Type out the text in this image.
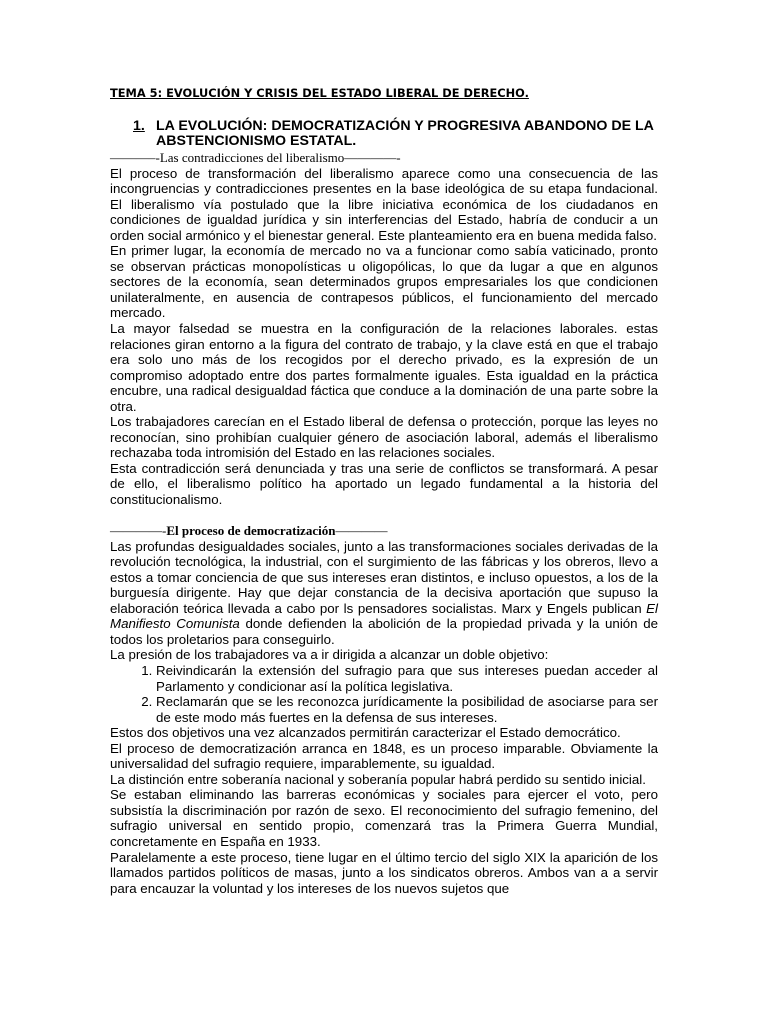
TEMA 5: EVOLUCIÓN Y CRISIS DEL ESTADO LIBERAL DE DERECHO.
1. LA EVOLUCIÓN: DEMOCRATIZACIÓN Y PROGRESIVA ABANDONO DE LA ABSTENCIONISMO ESTATAL.
———–-Las contradicciones del liberalismo————-

El proceso de transformación del liberalismo aparece como una consecuencia de las incongruencias y contradicciones presentes en la base ideológica de su etapa fundacional. El liberalismo vía postulado que la libre iniciativa económica de los ciudadanos en condiciones de igualdad jurídica y sin interferencias del Estado, habría de conducir a un orden social armónico y el bienestar general. Este planteamiento era en buena medida falso.

En primer lugar, la economía de mercado no va a funcionar como sabía vaticinado, pronto se observan prácticas monopolísticas u oligopólicas, lo que da lugar a que en algunos sectores de la economía, sean determinados grupos empresariales los que condicionen unilateralmente, en ausencia de contrapesos públicos, el funcionamiento del mercado mercado.

La mayor falsedad se muestra en la configuración de la relaciones laborales. estas relaciones giran entorno a la figura del contrato de trabajo, y la clave está en que el trabajo era solo uno más de los recogidos por el derecho privado, es la expresión de un compromiso adoptado entre dos partes formalmente iguales. Esta igualdad en la práctica encubre, una radical desigualdad fáctica que conduce a la dominación de una parte sobre la otra.

Los trabajadores carecían en el Estado liberal de defensa o protección, porque las leyes no reconocían, sino prohibían cualquier género de asociación laboral, además el liberalismo rechazaba toda intromisión del Estado en las relaciones sociales.

Esta contradicción será denunciada y tras una serie de conflictos se transformará. A pesar de ello, el liberalismo político ha aportado un legado fundamental a la historia del constitucionalismo.

————-El proceso de democratización————

Las profundas desigualdades sociales, junto a las transformaciones sociales derivadas de la revolución tecnológica, la industrial, con el surgimiento de las fábricas y los obreros, llevo a estos a tomar conciencia de que sus intereses eran distintos, e incluso opuestos, a los de la burguesía dirigente. Hay que dejar constancia de la decisiva aportación que supuso la elaboración teórica llevada a cabo por ls pensadores socialistas. Marx y Engels publican El Manifiesto Comunista donde defienden la abolición de la propiedad privada y la unión de todos los proletarios para conseguirlo.

La presión de los trabajadores va a ir dirigida a alcanzar un doble objetivo:

1. Reivindicarán la extensión del sufragio para que sus intereses puedan acceder al Parlamento y condicionar así la política legislativa.
2. Reclamarán que se les reconozca jurídicamente la posibilidad de asociarse para ser de este modo más fuertes en la defensa de sus intereses.

Estos dos objetivos una vez alcanzados permitirán caracterizar el Estado democrático.

El proceso de democratización arranca en 1848, es un proceso imparable. Obviamente la universalidad del sufragio requiere, imparablemente, su igualdad.

La distinción entre soberanía nacional y soberanía popular habrá perdido su sentido inicial.

Se estaban eliminando las barreras económicas y sociales para ejercer el voto, pero subsistía la discriminación por razón de sexo. El reconocimiento del sufragio femenino, del sufragio universal en sentido propio, comenzará tras la Primera Guerra Mundial, concretamente en España en 1933.

Paralelamente a este proceso, tiene lugar en el último tercio del siglo XIX la aparición de los llamados partidos políticos de masas, junto a los sindicatos obreros. Ambos van a a servir para encauzar la voluntad y los intereses de los nuevos sujetos que
